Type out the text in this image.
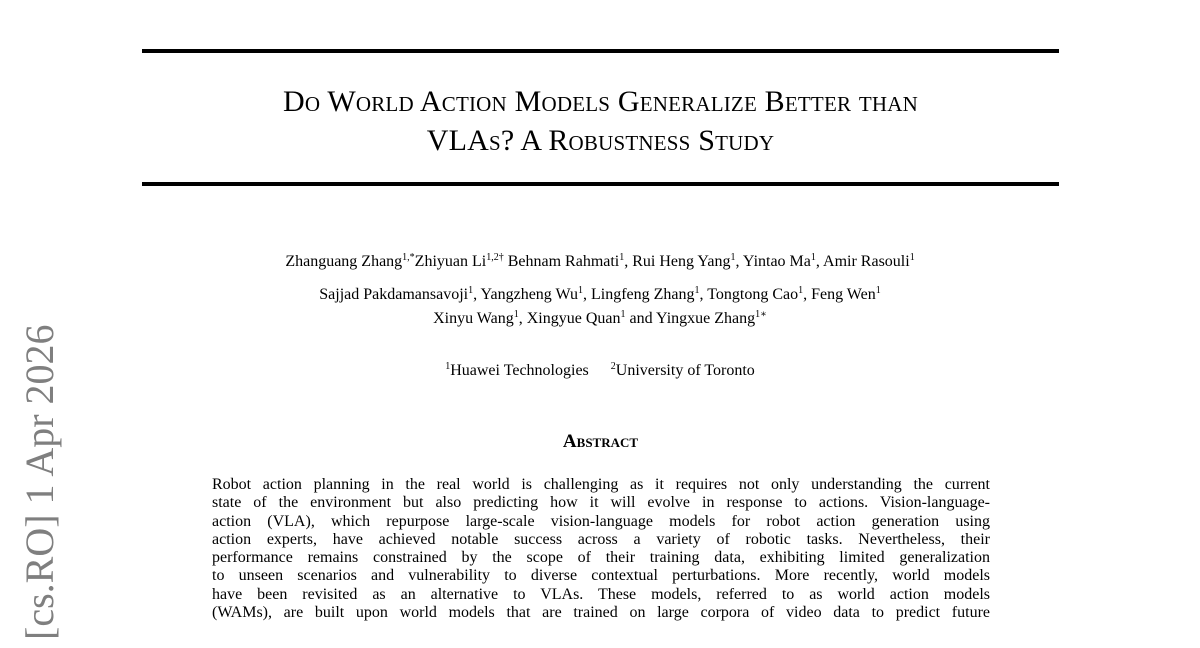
Do World Action Models Generalize Better than
VLAs? A Robustness Study
Zhanguang Zhang$^{1,*}$Zhiyuan $Li^{1,2\dagger}$ Behnam Rahmati$^1$, Rui Heng Yang$^1$, Yintao Ma$^1$, Amir Rasouli$^1$
Sajjad Pakdamansavoji$^1$, Yangzheng Wu$^1$, Lingfeng Zhang$^1$, Tongtong Cao$^1$, Feng Wen$^1$
Xinyu Wang$^1$, Xingyue Quan$^1$ and Yingxue Zhang$^{1∗}$
$^1$Huawei Technologies $^2$University of Toronto
Abstract
Robot action planning in the real world is challenging as it requires not only understanding the current
state of the environment but also predicting how it will evolve in response to actions. Vision-language-
action (VLA), which repurpose large-scale vision-language models for robot action generation using
action experts, have achieved notable success across a variety of robotic tasks. Nevertheless, their
performance remains constrained by the scope of their training data, exhibiting limited generalization
to unseen scenarios and vulnerability to diverse contextual perturbations. More recently, world models
have been revisited as an alternative to VLAs. These models, referred to as world action models
(WAMs), are built upon world models that are trained on large corpora of video data to predict future
[cs.RO] 1 Apr 2026
